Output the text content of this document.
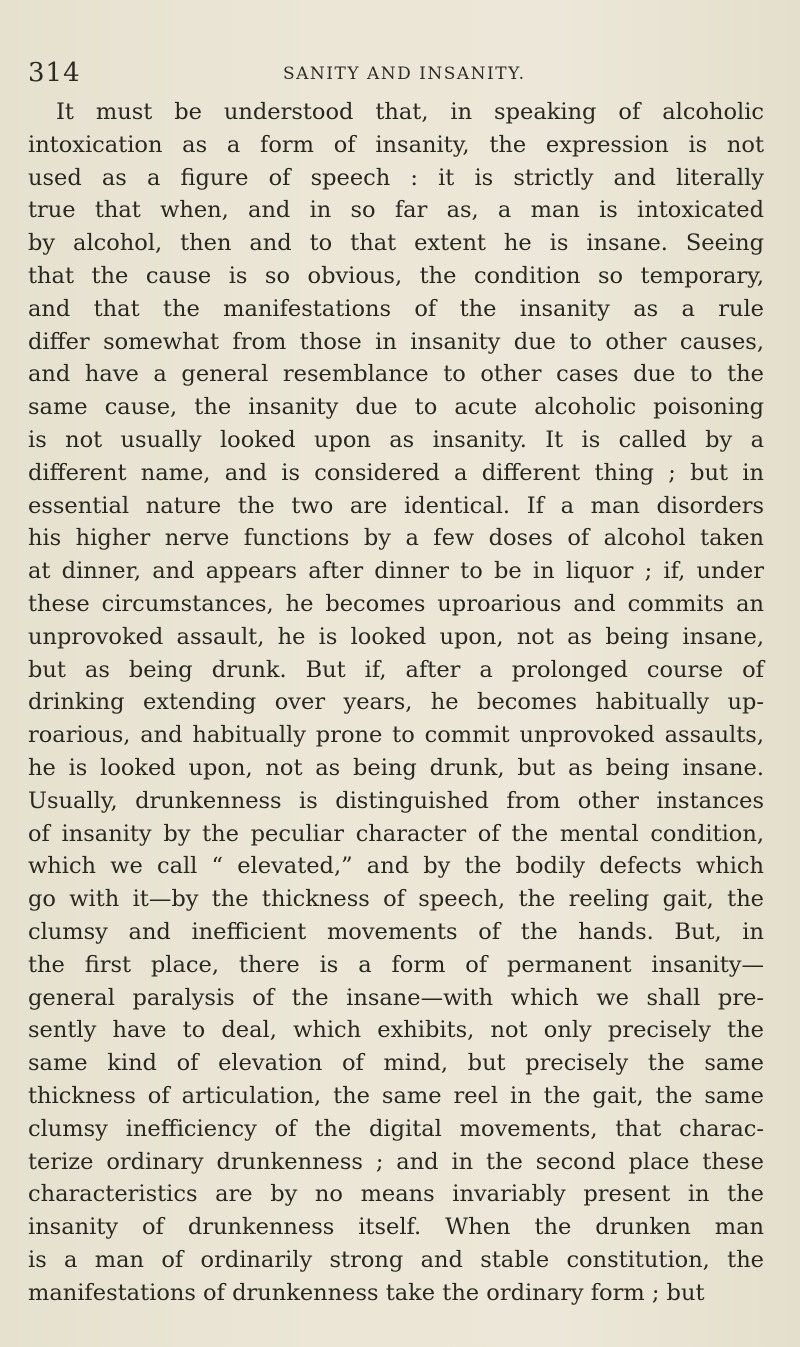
314	SANITY AND INSANITY.
It must be understood that, in speaking of alcoholic
intoxication as a form of insanity, the expression is not
used as a figure of speech : it is strictly and literally
true that when, and in so far as, a man is intoxicated
by alcohol, then and to that extent he is insane. Seeing
that the cause is so obvious, the condition so temporary,
and that the manifestations of the insanity as a rule
differ somewhat from those in insanity due to other causes,
and have a general resemblance to other cases due to the
same cause, the insanity due to acute alcoholic poisoning
is not usually looked upon as insanity. It is called by a
different name, and is considered a different thing ; but in
essential nature the two are identical. If a man disorders
his higher nerve functions by a few doses of alcohol taken
at dinner, and appears after dinner to be in liquor ; if, under
these circumstances, he becomes uproarious and commits an
unprovoked assault, he is looked upon, not as being insane,
but as being drunk. But if, after a prolonged course of
drinking extending over years, he becomes habitually up-
roarious, and habitually prone to commit unprovoked assaults,
he is looked upon, not as being drunk, but as being insane.
Usually, drunkenness is distinguished from other instances
of insanity by the peculiar character of the mental condition,
which we call “ elevated,” and by the bodily defects which
go with it—by the thickness of speech, the reeling gait, the
clumsy and inefficient movements of the hands. But, in
the first place, there is a form of permanent insanity—
general paralysis of the insane—with which we shall pre-
sently have to deal, which exhibits, not only precisely the
same kind of elevation of mind, but precisely the same
thickness of articulation, the same reel in the gait, the same
clumsy inefficiency of the digital movements, that charac-
terize ordinary drunkenness ; and in the second place these
characteristics are by no means invariably present in the
insanity of drunkenness itself. When the drunken man
is a man of ordinarily strong and stable constitution, the
manifestations of drunkenness take the ordinary form ; but
